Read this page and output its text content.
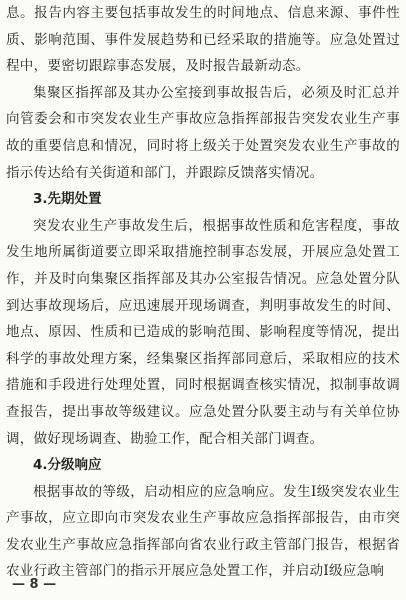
息。报告内容主要包括事故发生的时间地点、信息来源、事件性质、影响范围、事件发展趋势和已经采取的措施等。应急处置过程中，要密切跟踪事态发展，及时报告最新动态。

集聚区指挥部及其办公室接到事故报告后，必须及时汇总并向管委会和市突发农业生产事故应急指挥部报告突发农业生产事故的重要信息和情况，同时将上级关于处置突发农业生产事故的指示传达给有关街道和部门，并跟踪反馈落实情况。

3.先期处置

突发农业生产事故发生后，根据事故性质和危害程度，事故发生地所属街道要立即采取措施控制事态发展，开展应急处置工作，并及时向集聚区指挥部及其办公室报告情况。应急处置分队到达事故现场后，应迅速展开现场调查，判明事故发生的时间、地点、原因、性质和已造成的影响范围、影响程度等情况，提出科学的事故处理方案，经集聚区指挥部同意后，采取相应的技术措施和手段进行处理处置，同时根据调查核实情况，拟制事故调查报告，提出事故等级建议。应急处置分队要主动与有关单位协调，做好现场调查、勘验工作，配合相关部门调查。

4.分级响应

根据事故的等级，启动相应的应急响应。发生Ⅰ级突发农业生产事故，应立即向市突发农业生产事故应急指挥部报告，由市突发农业生产事故应急指挥部向省农业行政主管部门报告，根据省农业行政主管部门的指示开展应急处置工作，并启动Ⅰ级应急响

— 8 —
